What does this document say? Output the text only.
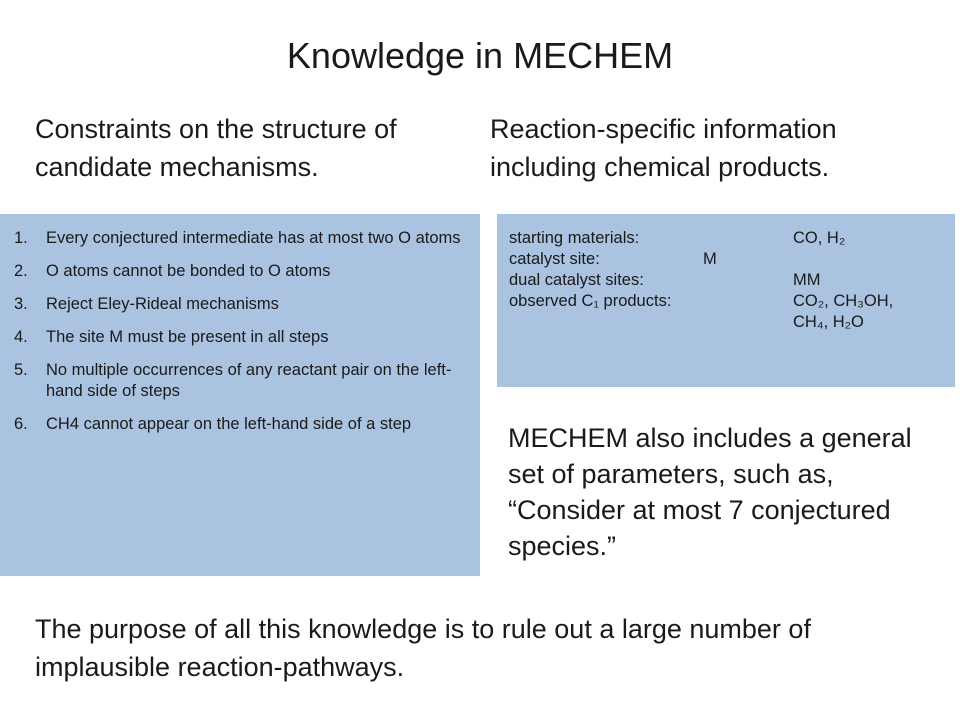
Knowledge in MECHEM
Constraints on the structure of candidate mechanisms.
Reaction-specific information including chemical products.
1. Every conjectured intermediate has at most two O atoms
2. O atoms cannot be bonded to O atoms
3. Reject Eley-Rideal mechanisms
4. The site M must be present in all steps
5. No multiple occurrences of any reactant pair on the left-hand side of steps
6. CH4 cannot appear on the left-hand side of a step
starting materials:	CO, H₂
catalyst site:	M
dual catalyst sites:	MM
observed C₁ products:	CO₂, CH₃OH,
CH₄, H₂O
MECHEM also includes a general set of parameters, such as, “Consider at most 7 conjectured species.”
The purpose of all this knowledge is to rule out a large number of implausible reaction-pathways.
